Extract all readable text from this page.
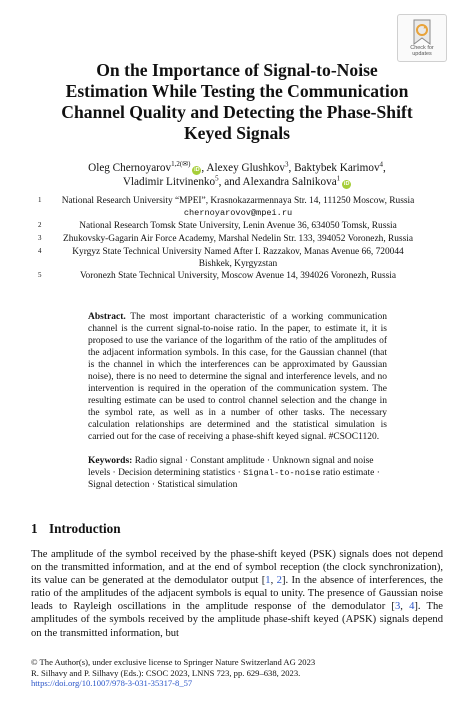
Check for
updates
On the Importance of Signal-to-Noise Estimation While Testing the Communication Channel Quality and Detecting the Phase-Shift Keyed Signals
Oleg Chernoyarov$^{1,2(✉)}$iD , Alexey Glushkov$^3$, Baktybek Karimov$^4$,
Vladimir Litvinenko$^5$, and Alexandra Salnikova$^1$iD
1	National Research University “MPEI”, Krasnokazarmennaya Str. 14, 111250 Moscow, Russia
chernoyarovov@mpei.ru
2	National Research Tomsk State University, Lenin Avenue 36, 634050 Tomsk, Russia
3	Zhukovsky-Gagarin Air Force Academy, Marshal Nedelin Str. 133, 394052 Voronezh, Russia
4	Kyrgyz State Technical University Named After I. Razzakov, Manas Avenue 66, 720044
Bishkek, Kyrgyzstan
5	Voronezh State Technical University, Moscow Avenue 14, 394026 Voronezh, Russia
Abstract. The most important characteristic of a working communication channel is the current signal-to-noise ratio. In the paper, to estimate it, it is proposed to use the variance of the logarithm of the ratio of the amplitudes of the adjacent information symbols. In this case, for the Gaussian channel (that is the channel in which the interferences can be approximated by Gaussian noise), there is no need to determine the signal and interference levels, and no intervention is required in the operation of the communication system. The resulting estimate can be used to control channel selection and the change in the symbol rate, as well as in a number of other tasks. The necessary calculation relationships are determined and the statistical simulation is carried out for the case of receiving a phase-shift keyed signal. #CSOC1120.
Keywords: Radio signal · Constant amplitude · Unknown signal and noise levels · Decision determining statistics · Signal-to-noise ratio estimate · Signal detection · Statistical simulation
1 Introduction
The amplitude of the symbol received by the phase-shift keyed (PSK) signals does not depend on the transmitted information, and at the end of symbol reception (the clock synchronization), its value can be generated at the demodulator output [1, 2]. In the absence of interferences, the ratio of the amplitudes of the adjacent symbols is equal to unity. The presence of Gaussian noise leads to Rayleigh oscillations in the amplitude response of the demodulator [3, 4]. The amplitudes of the symbols received by the amplitude phase-shift keyed (APSK) signals depend on the transmitted information, but
© The Author(s), under exclusive license to Springer Nature Switzerland AG 2023
R. Silhavy and P. Silhavy (Eds.): CSOC 2023, LNNS 723, pp. 629–638, 2023.
https://doi.org/10.1007/978-3-031-35317-8_57
